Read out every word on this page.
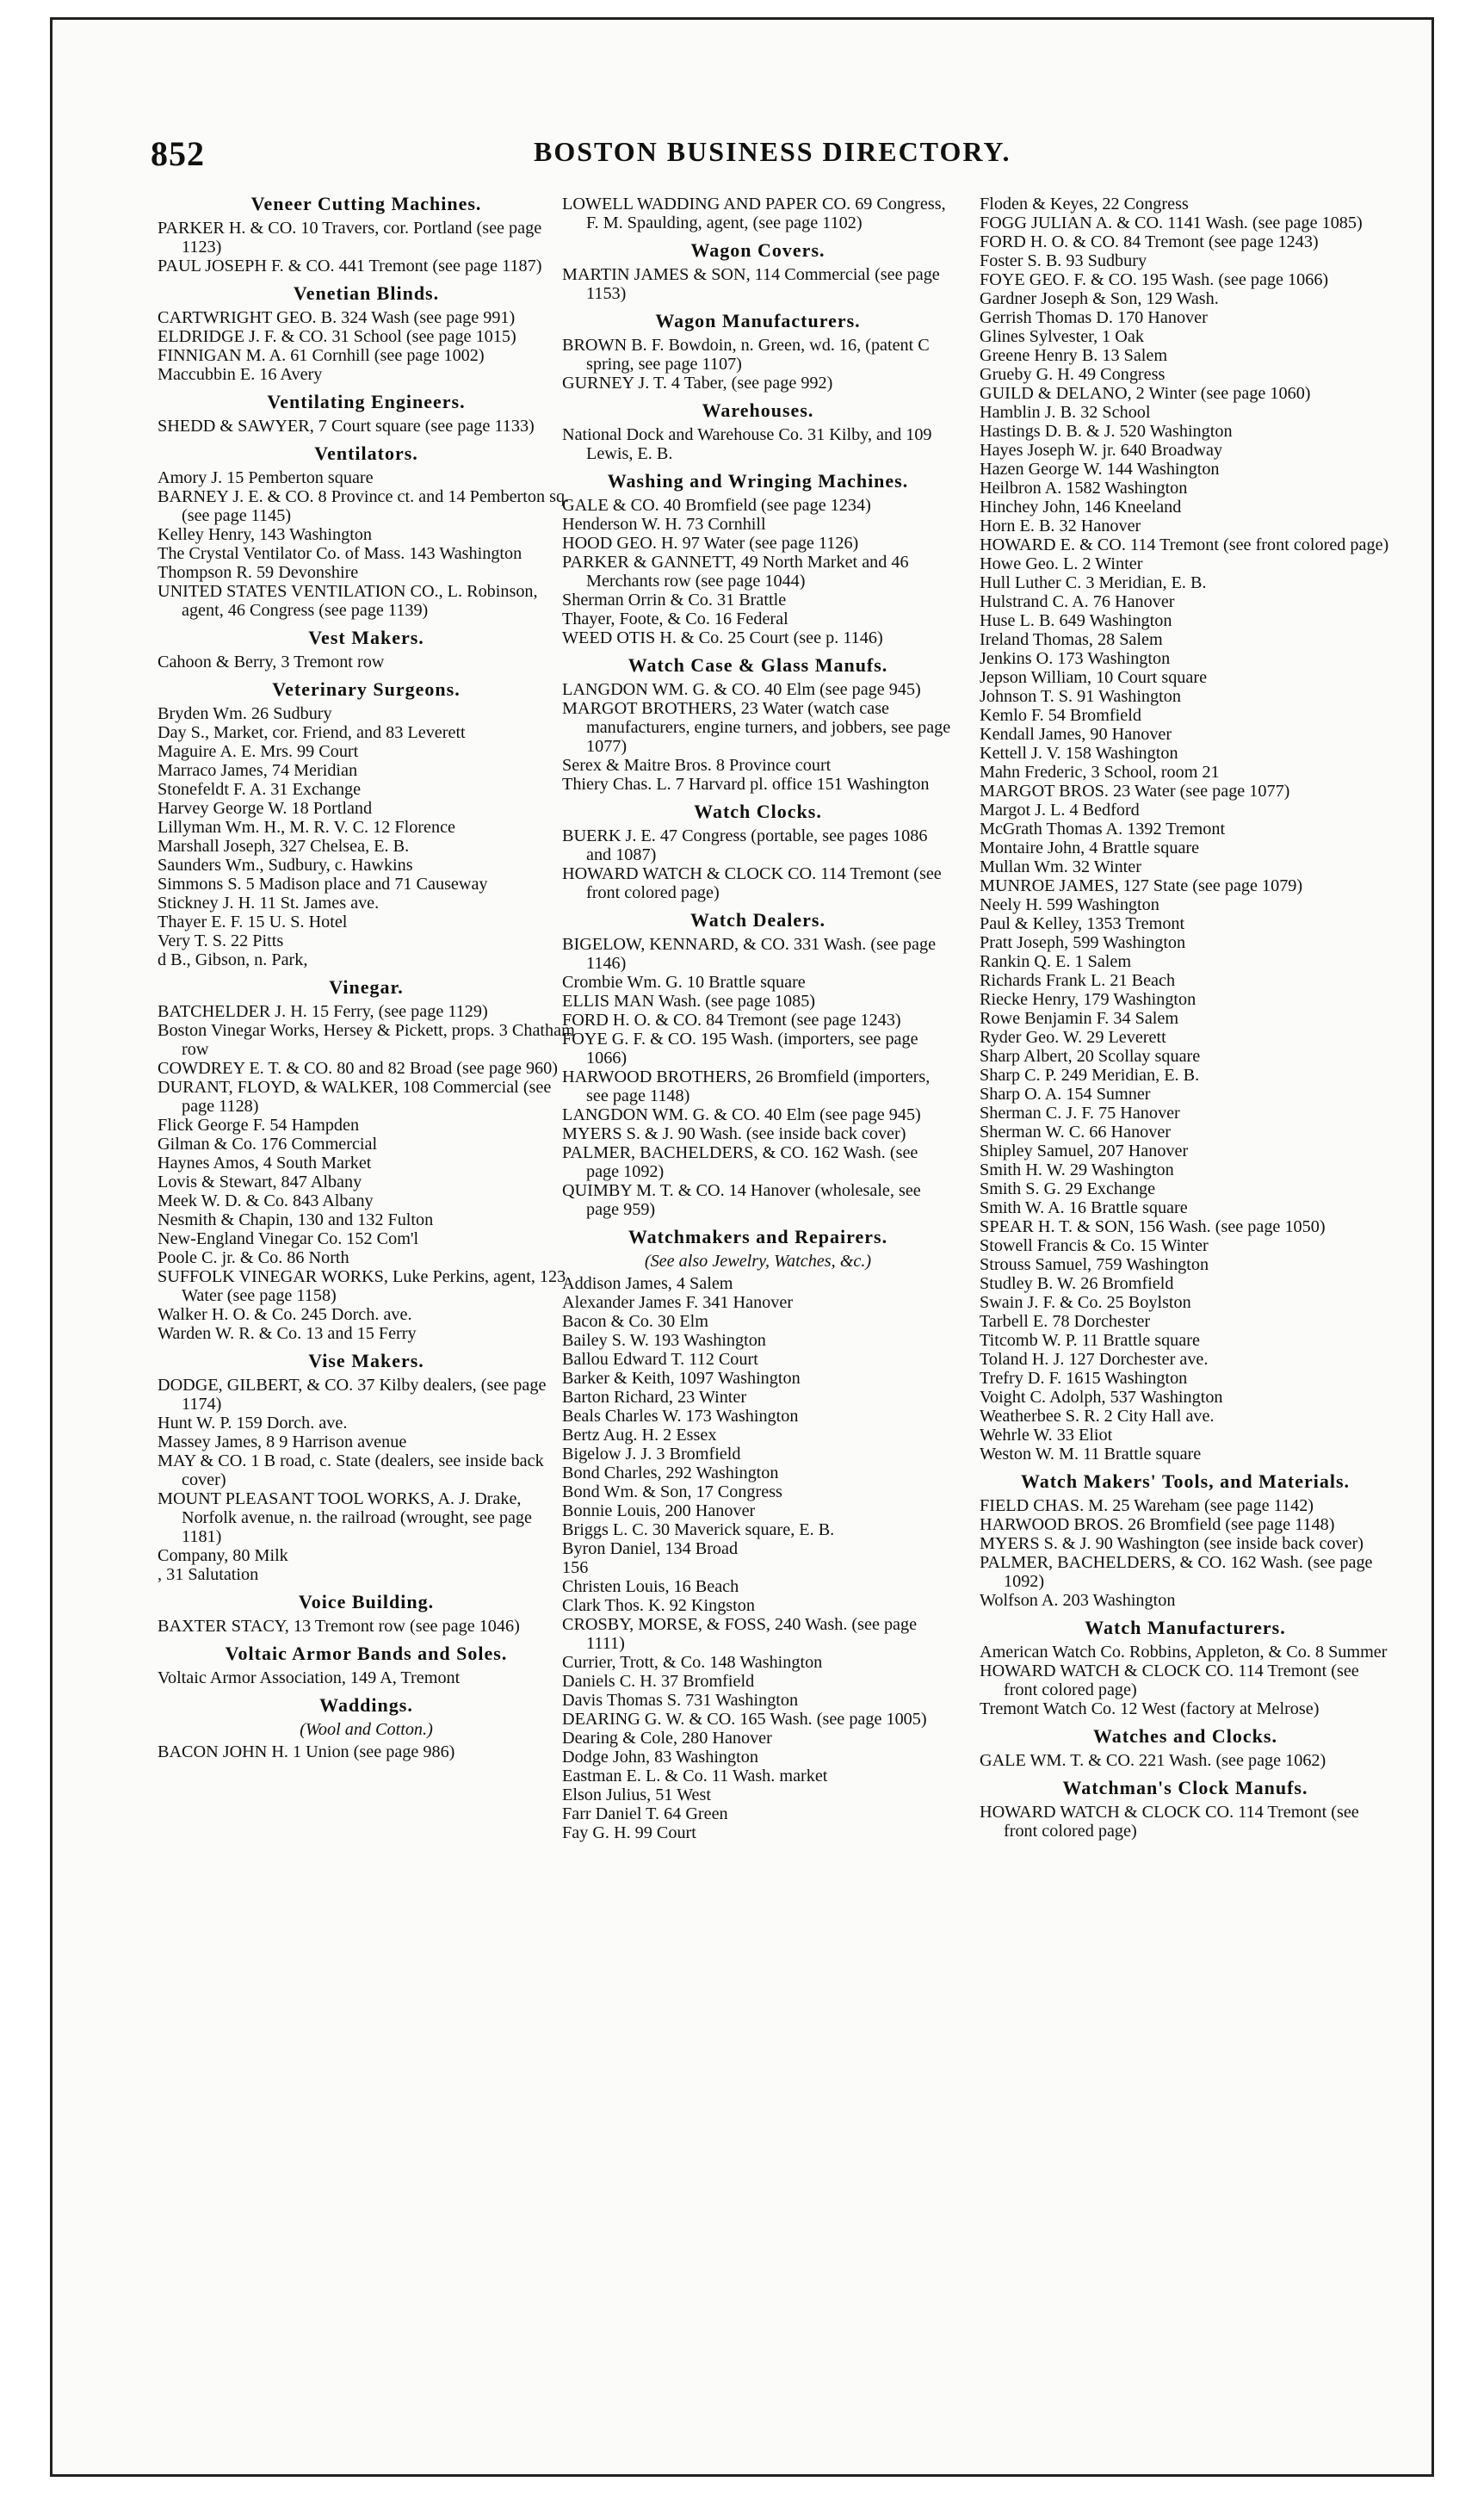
852	BOSTON BUSINESS DIRECTORY.
Veneer Cutting Machines.
PARKER H. & CO. 10 Travers, cor. Portland (see page 1123)
PAUL JOSEPH F. & CO. 441 Tremont (see page 1187)
Venetian Blinds.
CARTWRIGHT GEO. B. 324 Wash (see page 991)
ELDRIDGE J. F. & CO. 31 School (see page 1015)
FINNIGAN M. A. 61 Cornhill (see page 1002)
Maccubbin E. 16 Avery
Ventilating Engineers.
SHEDD & SAWYER, 7 Court square (see page 1133)
Ventilators.
Amory J. 15 Pemberton square
BARNEY J. E. & CO. 8 Province ct. and 14 Pemberton sq. (see page 1145)
Kelley Henry, 143 Washington
The Crystal Ventilator Co. of Mass. 143 Washington
Thompson R. 59 Devonshire
UNITED STATES VENTILATION CO., L. Robinson, agent, 46 Congress (see page 1139)
Vest Makers.
Cahoon & Berry, 3 Tremont row
Veterinary Surgeons.
Bryden Wm. 26 Sudbury
Day S., Market, cor. Friend, and 83 Leverett
Maguire A. E. Mrs. 99 Court
Marraco James, 74 Meridian
Stonefeldt F. A. 31 Exchange
Harvey George W. 18 Portland
Lillyman Wm. H., M. R. V. C. 12 Florence
Marshall Joseph, 327 Chelsea, E. B.
Saunders Wm., Sudbury, c. Hawkins
Simmons S. 5 Madison place and 71 Causeway
Stickney J. H. 11 St. James ave.
Thayer E. F. 15 U. S. Hotel
Very T. S. 22 Pitts
d B., Gibson, n. Park,
Vinegar.
BATCHELDER J. H. 15 Ferry, (see page 1129)
Boston Vinegar Works, Hersey & Pickett, props. 3 Chatham row
COWDREY E. T. & CO. 80 and 82 Broad (see page 960)
DURANT, FLOYD, & WALKER, 108 Commercial (see page 1128)
Flick George F. 54 Hampden
Gilman & Co. 176 Commercial
Haynes Amos, 4 South Market
Lovis & Stewart, 847 Albany
Meek W. D. & Co. 843 Albany
Nesmith & Chapin, 130 and 132 Fulton
New-England Vinegar Co. 152 Com'l
Poole C. jr. & Co. 86 North
SUFFOLK VINEGAR WORKS, Luke Perkins, agent, 123 Water (see page 1158)
Walker H. O. & Co. 245 Dorch. ave.
Warden W. R. & Co. 13 and 15 Ferry
Vise Makers.
DODGE, GILBERT, & CO. 37 Kilby dealers, (see page 1174)
Hunt W. P. 159 Dorch. ave.
Massey James, 8 9 Harrison avenue
MAY & CO. 1 B road, c. State (dealers, see inside back cover)
MOUNT PLEASANT TOOL WORKS, A. J. Drake, Norfolk avenue, n. the railroad (wrought, see page 1181)
Company, 80 Milk
, 31 Salutation
Voice Building.
BAXTER STACY, 13 Tremont row (see page 1046)
Voltaic Armor Bands and Soles.
Voltaic Armor Association, 149 A, Tremont
Waddings.
(Wool and Cotton.)
BACON JOHN H. 1 Union (see page 986)
LOWELL WADDING AND PAPER CO. 69 Congress, F. M. Spaulding, agent, (see page 1102)
Wagon Covers.
MARTIN JAMES & SON, 114 Commercial (see page 1153)
Wagon Manufacturers.
BROWN B. F. Bowdoin, n. Green, wd. 16, (patent C spring, see page 1107)
GURNEY J. T. 4 Taber, (see page 992)
Warehouses.
National Dock and Warehouse Co. 31 Kilby, and 109 Lewis, E. B.
Washing and Wringing Machines.
GALE & CO. 40 Bromfield (see page 1234)
Henderson W. H. 73 Cornhill
HOOD GEO. H. 97 Water (see page 1126)
PARKER & GANNETT, 49 North Market and 46 Merchants row (see page 1044)
Sherman Orrin & Co. 31 Brattle
Thayer, Foote, & Co. 16 Federal
WEED OTIS H. & Co. 25 Court (see p. 1146)
Watch Case & Glass Manufs.
LANGDON WM. G. & CO. 40 Elm (see page 945)
MARGOT BROTHERS, 23 Water (watch case manufacturers, engine turners, and jobbers, see page 1077)
Serex & Maitre Bros. 8 Province court
Thiery Chas. L. 7 Harvard pl. office 151 Washington
Watch Clocks.
BUERK J. E. 47 Congress (portable, see pages 1086 and 1087)
HOWARD WATCH & CLOCK CO. 114 Tremont (see front colored page)
Watch Dealers.
BIGELOW, KENNARD, & CO. 331 Wash. (see page 1146)
Crombie Wm. G. 10 Brattle square
ELLIS MAN Wash. (see page 1085)
FORD H. O. & CO. 84 Tremont (see page 1243)
FOYE G. F. & CO. 195 Wash. (importers, see page 1066)
HARWOOD BROTHERS, 26 Bromfield (importers, see page 1148)
LANGDON WM. G. & CO. 40 Elm (see page 945)
MYERS S. & J. 90 Wash. (see inside back cover)
PALMER, BACHELDERS, & CO. 162 Wash. (see page 1092)
QUIMBY M. T. & CO. 14 Hanover (wholesale, see page 959)
Watchmakers and Repairers.
(See also Jewelry, Watches, &c.)
Addison James, 4 Salem
Alexander James F. 341 Hanover
Bacon & Co. 30 Elm
Bailey S. W. 193 Washington
Ballou Edward T. 112 Court
Barker & Keith, 1097 Washington
Barton Richard, 23 Winter
Beals Charles W. 173 Washington
Bertz Aug. H. 2 Essex
Bigelow J. J. 3 Bromfield
Bond Charles, 292 Washington
Bond Wm. & Son, 17 Congress
Bonnie Louis, 200 Hanover
Briggs L. C. 30 Maverick square, E. B.
Byron Daniel, 134 Broad
156
Christen Louis, 16 Beach
Clark Thos. K. 92 Kingston
CROSBY, MORSE, & FOSS, 240 Wash. (see page 1111)
Currier, Trott, & Co. 148 Washington
Daniels C. H. 37 Bromfield
Davis Thomas S. 731 Washington
DEARING G. W. & CO. 165 Wash. (see page 1005)
Dearing & Cole, 280 Hanover
Dodge John, 83 Washington
Eastman E. L. & Co. 11 Wash. market
Elson Julius, 51 West
Farr Daniel T. 64 Green
Fay G. H. 99 Court
Floden & Keyes, 22 Congress
FOGG JULIAN A. & CO. 1141 Wash. (see page 1085)
FORD H. O. & CO. 84 Tremont (see page 1243)
Foster S. B. 93 Sudbury
FOYE GEO. F. & CO. 195 Wash. (see page 1066)
Gardner Joseph & Son, 129 Wash.
Gerrish Thomas D. 170 Hanover
Glines Sylvester, 1 Oak
Greene Henry B. 13 Salem
Grueby G. H. 49 Congress
GUILD & DELANO, 2 Winter (see page 1060)
Hamblin J. B. 32 School
Hastings D. B. & J. 520 Washington
Hayes Joseph W. jr. 640 Broadway
Hazen George W. 144 Washington
Heilbron A. 1582 Washington
Hinchey John, 146 Kneeland
Horn E. B. 32 Hanover
HOWARD E. & CO. 114 Tremont (see front colored page)
Howe Geo. L. 2 Winter
Hull Luther C. 3 Meridian, E. B.
Hulstrand C. A. 76 Hanover
Huse L. B. 649 Washington
Ireland Thomas, 28 Salem
Jenkins O. 173 Washington
Jepson William, 10 Court square
Johnson T. S. 91 Washington
Kemlo F. 54 Bromfield
Kendall James, 90 Hanover
Kettell J. V. 158 Washington
Mahn Frederic, 3 School, room 21
MARGOT BROS. 23 Water (see page 1077)
Margot J. L. 4 Bedford
McGrath Thomas A. 1392 Tremont
Montaire John, 4 Brattle square
Mullan Wm. 32 Winter
MUNROE JAMES, 127 State (see page 1079)
Neely H. 599 Washington
Paul & Kelley, 1353 Tremont
Pratt Joseph, 599 Washington
Rankin Q. E. 1 Salem
Richards Frank L. 21 Beach
Riecke Henry, 179 Washington
Rowe Benjamin F. 34 Salem
Ryder Geo. W. 29 Leverett
Sharp Albert, 20 Scollay square
Sharp C. P. 249 Meridian, E. B.
Sharp O. A. 154 Sumner
Sherman C. J. F. 75 Hanover
Sherman W. C. 66 Hanover
Shipley Samuel, 207 Hanover
Smith H. W. 29 Washington
Smith S. G. 29 Exchange
Smith W. A. 16 Brattle square
SPEAR H. T. & SON, 156 Wash. (see page 1050)
Stowell Francis & Co. 15 Winter
Strouss Samuel, 759 Washington
Studley B. W. 26 Bromfield
Swain J. F. & Co. 25 Boylston
Tarbell E. 78 Dorchester
Titcomb W. P. 11 Brattle square
Toland H. J. 127 Dorchester ave.
Trefry D. F. 1615 Washington
Voight C. Adolph, 537 Washington
Weatherbee S. R. 2 City Hall ave.
Wehrle W. 33 Eliot
Weston W. M. 11 Brattle square
Watch Makers' Tools, and Materials.
FIELD CHAS. M. 25 Wareham (see page 1142)
HARWOOD BROS. 26 Bromfield (see page 1148)
MYERS S. & J. 90 Washington (see inside back cover)
PALMER, BACHELDERS, & CO. 162 Wash. (see page 1092)
Wolfson A. 203 Washington
Watch Manufacturers.
American Watch Co. Robbins, Appleton, & Co. 8 Summer
HOWARD WATCH & CLOCK CO. 114 Tremont (see front colored page)
Tremont Watch Co. 12 West (factory at Melrose)
Watches and Clocks.
GALE WM. T. & CO. 221 Wash. (see page 1062)
Watchman's Clock Manufs.
HOWARD WATCH & CLOCK CO. 114 Tremont (see front colored page)
